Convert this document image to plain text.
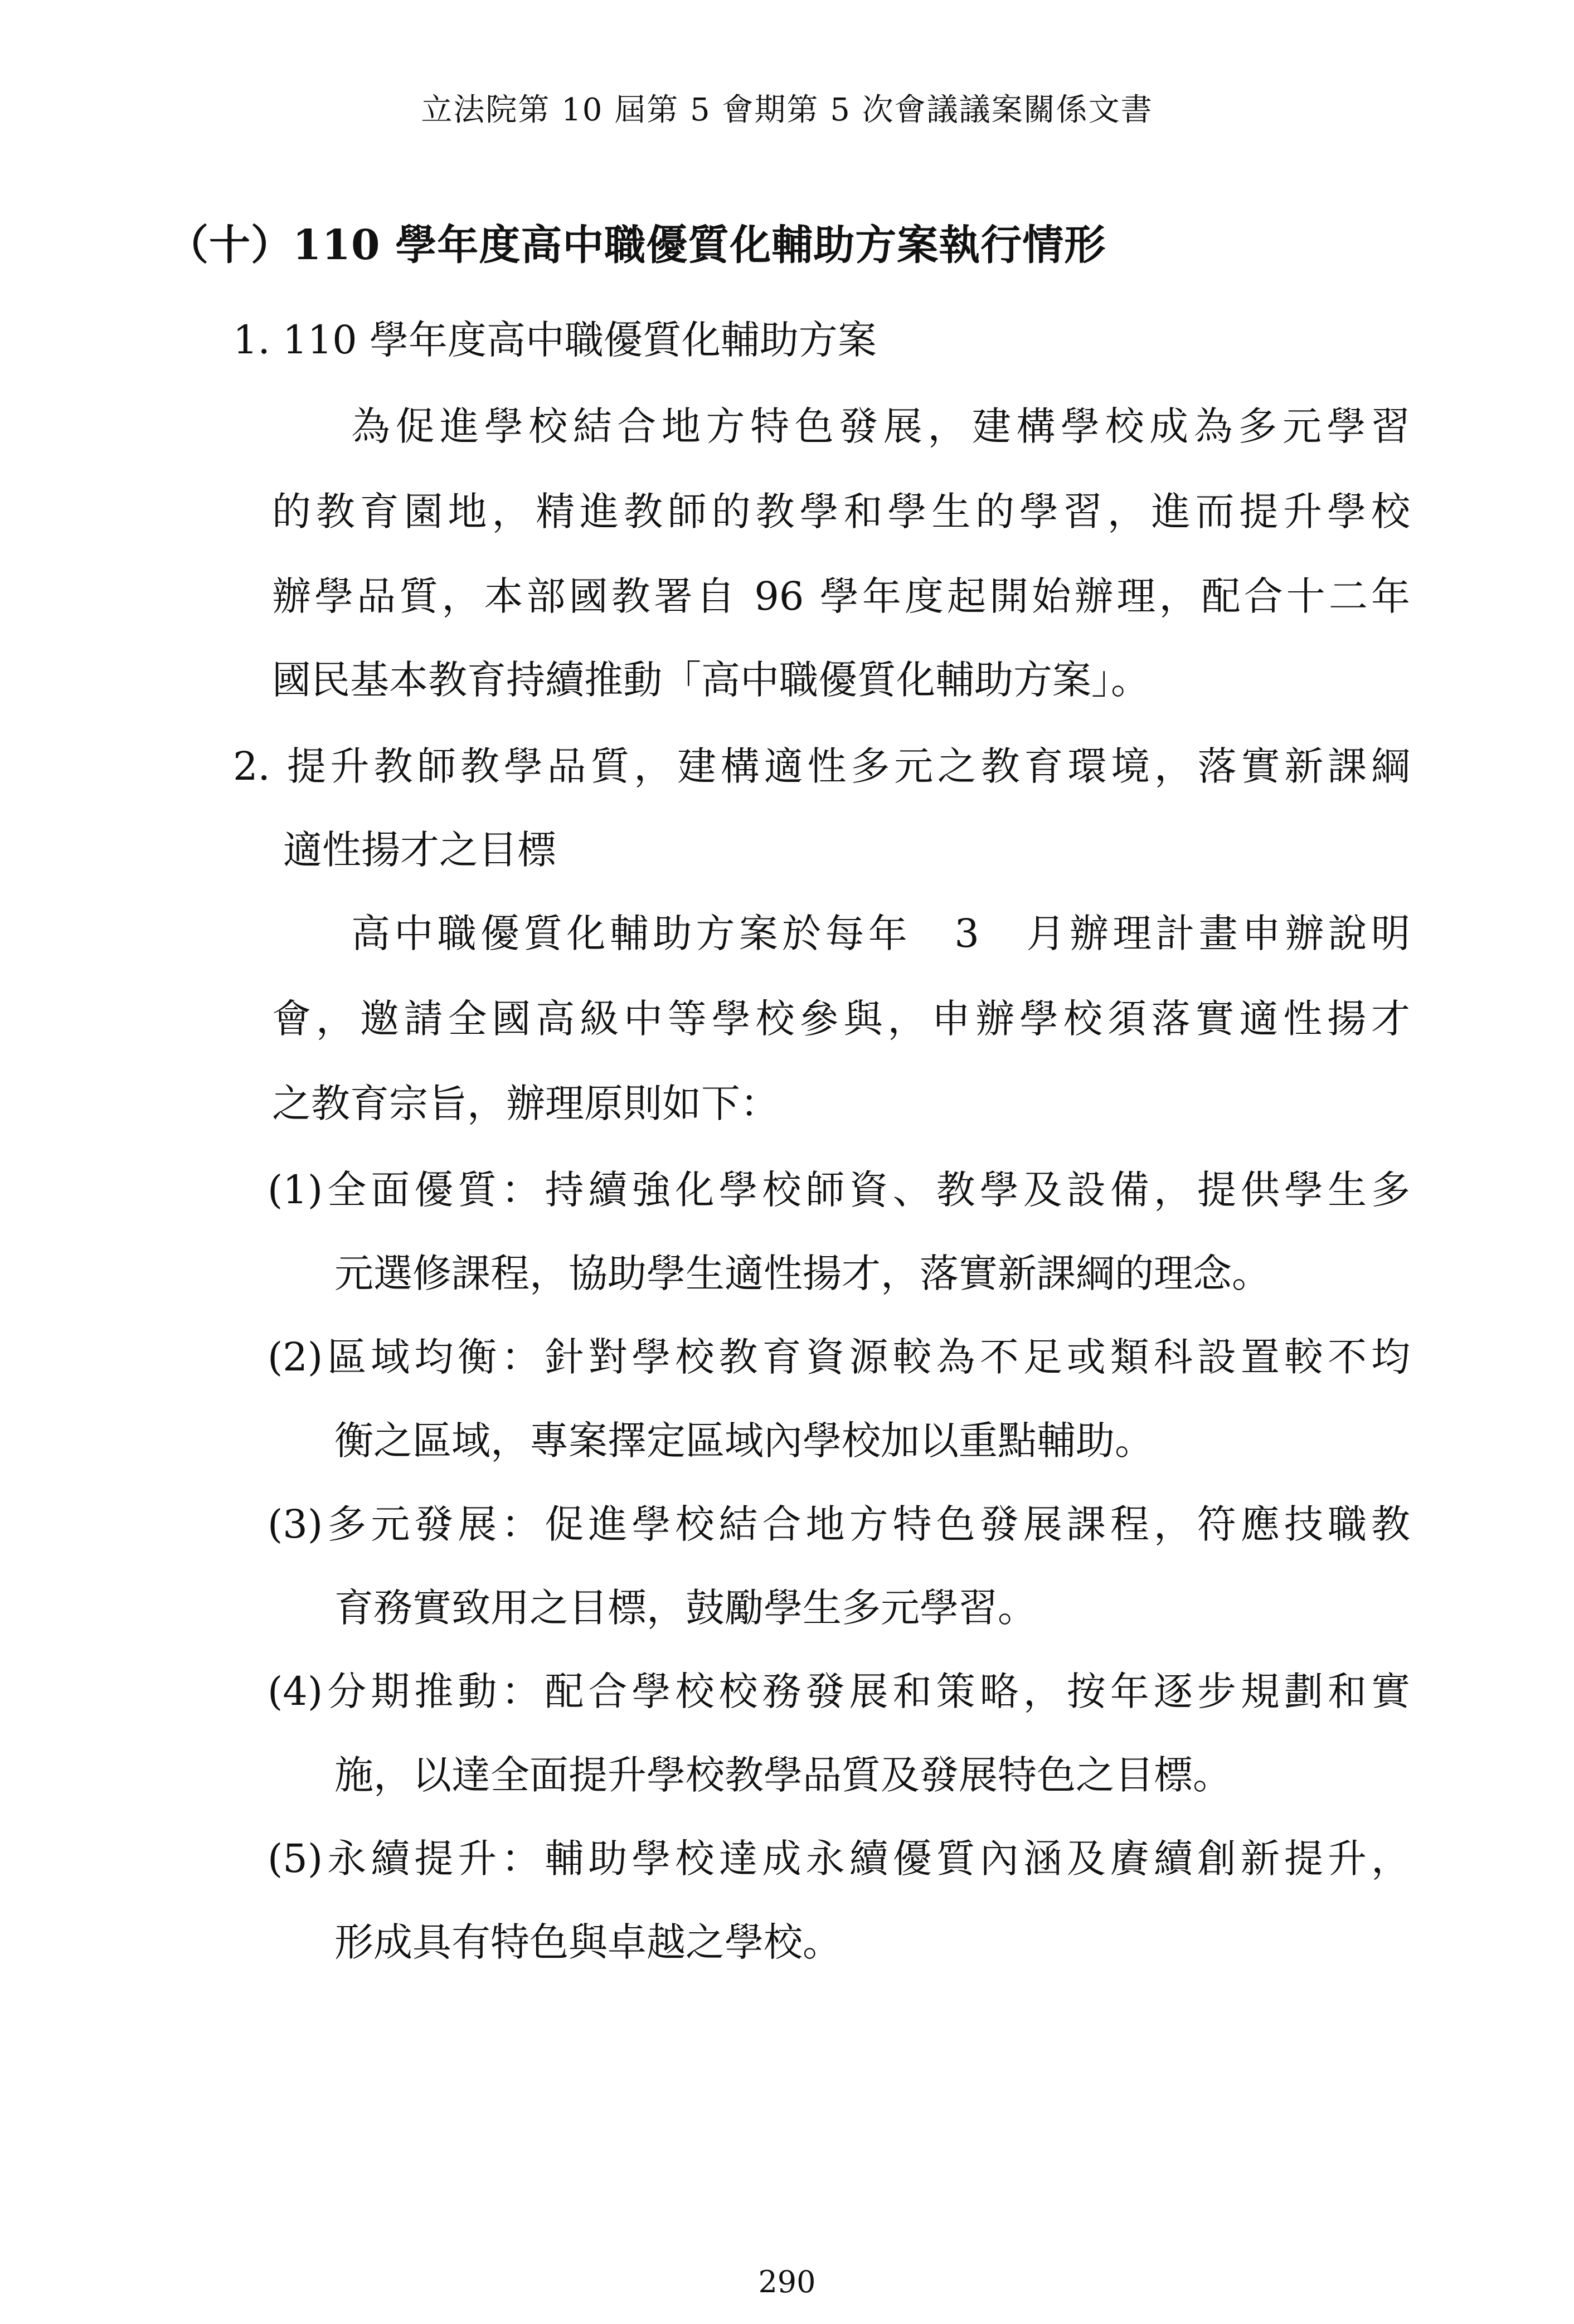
立法院第 10 屆第 5 會期第 5 次會議議案關係文書
（十）110 學年度高中職優質化輔助方案執行情形
1. 110 學年度高中職優質化輔助方案
為促進學校結合地方特色發展，建構學校成為多元學習
的教育園地，精進教師的教學和學生的學習，進而提升學校
辦學品質，本部國教署自 96 學年度起開始辦理，配合十二年
國民基本教育持續推動「高中職優質化輔助方案」。
2. 提升教師教學品質，建構適性多元之教育環境，落實新課綱
適性揚才之目標
高中職優質化輔助方案於每年　3　月辦理計畫申辦說明
會，邀請全國高級中等學校參與，申辦學校須落實適性揚才
之教育宗旨，辦理原則如下：
(1)全面優質：持續強化學校師資、教學及設備，提供學生多
元選修課程，協助學生適性揚才，落實新課綱的理念。
(2)區域均衡：針對學校教育資源較為不足或類科設置較不均
衡之區域，專案擇定區域內學校加以重點輔助。
(3)多元發展：促進學校結合地方特色發展課程，符應技職教
育務實致用之目標，鼓勵學生多元學習。
(4)分期推動：配合學校校務發展和策略，按年逐步規劃和實
施，以達全面提升學校教學品質及發展特色之目標。
(5)永續提升：輔助學校達成永續優質內涵及賡續創新提升，
形成具有特色與卓越之學校。
290
